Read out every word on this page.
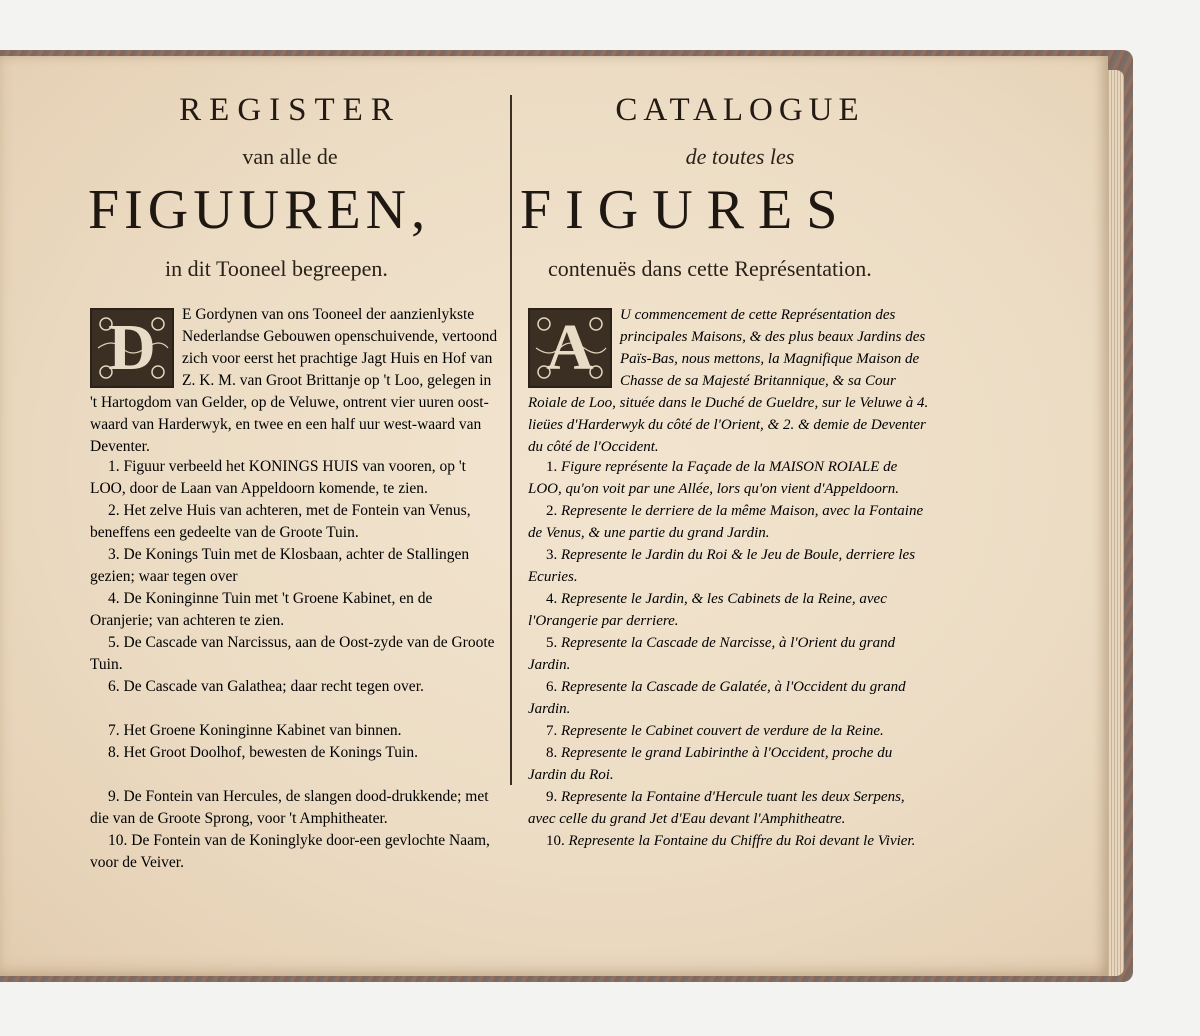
REGISTER	CATALOGUE
van alle de	de toutes les
FIGUUREN, FIGURES
in dit Tooneel begreepen.	contenuës dans cette Représentation.
D	E Gordynen van ons Tooneel der aanzienlykste Nederlandse Gebouwen openschuivende, vertoond zich voor eerst het prachtige Jagt Huis en Hof van Z. K. M. van Groot Brittanje op 't Loo, gelegen in 't Hartogdom van Gelder, op de Veluwe, ontrent vier uuren oost-waard van Harderwyk, en twee en een half uur west-waard van Deventer.
A	U commencement de cette Représentation des principales Maisons, & des plus beaux Jardins des Païs-Bas, nous mettons, la Magnifique Maison de Chasse de sa Majesté Britannique, & sa Cour Roiale de Loo, située dans le Duché de Gueldre, sur le Veluwe à 4. lieües d'Harderwyk du côté de l'Orient, & 2. & demie de Deventer du côté de l'Occident.
1. Figuur verbeeld het KONINGS HUIS van vooren, op 't LOO, door de Laan van Appeldoorn komende, te zien.
2. Het zelve Huis van achteren, met de Fontein van Venus, beneffens een gedeelte van de Groote Tuin.
3. De Konings Tuin met de Klosbaan, achter de Stallingen gezien; waar tegen over
4. De Koninginne Tuin met 't Groene Kabinet, en de Oranjerie; van achteren te zien.
5. De Cascade van Narcissus, aan de Oost-zyde van de Groote Tuin.
6. De Cascade van Galathea; daar recht tegen over.
7. Het Groene Koninginne Kabinet van binnen.
8. Het Groot Doolhof, bewesten de Konings Tuin.
9. De Fontein van Hercules, de slangen dood-drukkende; met die van de Groote Sprong, voor 't Amphitheater.
10. De Fontein van de Koninglyke door-een gevlochte Naam, voor de Veiver.
1. Figure représente la Façade de la MAISON ROIALE de LOO, qu'on voit par une Allée, lors qu'on vient d'Appeldoorn.
2. Represente le derriere de la même Maison, avec la Fontaine de Venus, & une partie du grand Jardin.
3. Represente le Jardin du Roi & le Jeu de Boule, derriere les Ecuries.
4. Represente le Jardin, & les Cabinets de la Reine, avec l'Orangerie par derriere.
5. Represente la Cascade de Narcisse, à l'Orient du grand Jardin.
6. Represente la Cascade de Galatée, à l'Occident du grand Jardin.
7. Represente le Cabinet couvert de verdure de la Reine.
8. Represente le grand Labirinthe à l'Occident, proche du Jardin du Roi.
9. Represente la Fontaine d'Hercule tuant les deux Serpens, avec celle du grand Jet d'Eau devant l'Amphitheatre.
10. Represente la Fontaine du Chiffre du Roi devant le Vivier.
